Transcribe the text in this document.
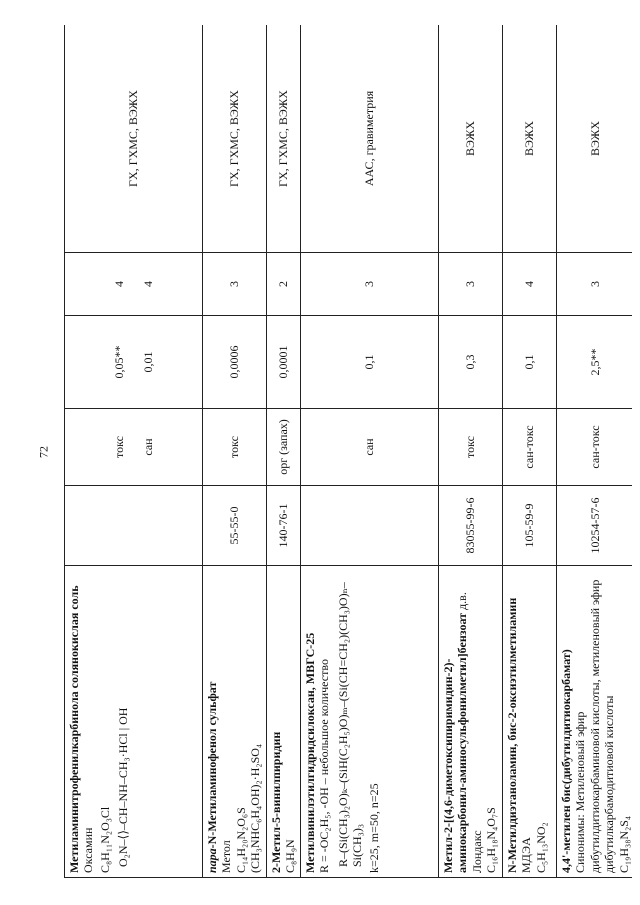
72
Метиламинитрофенилкарбинола солянокислая соль Оксамин C₈H₁₁N₂O₃Cl O₂N–⟨⟩–CH–NH–CH₃·HCl | OH		токс сан	0,05** 0,01	4 4	ГХ, ГХМС, ВЭЖХ

пара-N-Метиламинофенол сульфат
Метол C₁₄H₂₀N₂O₆S (CH₃NHC₆H₄OH)₂·H₂SO₄	55-55-0	токс	0,0006	3	ГХ, ГХМС, ВЭЖХ

2-Метил-5-винилпиридин C₈H₉N	140-76-1	орг (запах)	0,0001	2	ГХ, ГХМС, ВЭЖХ

Метилвинилэтилгидридсилоксан, МВГС-25 R = -OC₂H₅, -OH – небольшое количество R–(Si(CH₃)₂O)ₖ–(SiH(C₂H₅)O)ₘ–(Si(CH=CH₂)(CH₃)O)ₙ–Si(CH₃)₃ k=25, m=50, n=25		сан	0,1	3	ААС, гравиметрия

Метил-2-[(4,6-диметоксипиримидин-2)-аминокарбонил-аминосульфонилметил]бензоат д.в.
Лондакс C₁₆H₁₈N₄O₇S	83055-99-6	токс	0,3	3	ВЭЖХ

N-Метилдиэтаноламин, бис-2-оксиэтилметиламин МДЭА C₅H₁₃NO₂	105-59-9	сан-токс	0,1	4	ВЭЖХ

4,4'-метилен бис(дибутилдитиокарбамат) Синонимы: Метиленовый эфир дибутилдитиокарбаминовой кислоты, метиленовый эфир дибутилкарбамодитиовой кислоты C₁₉H₃₈N₂S₄	10254-57-6	сан-токс	2,5**	3	ВЭЖХ
